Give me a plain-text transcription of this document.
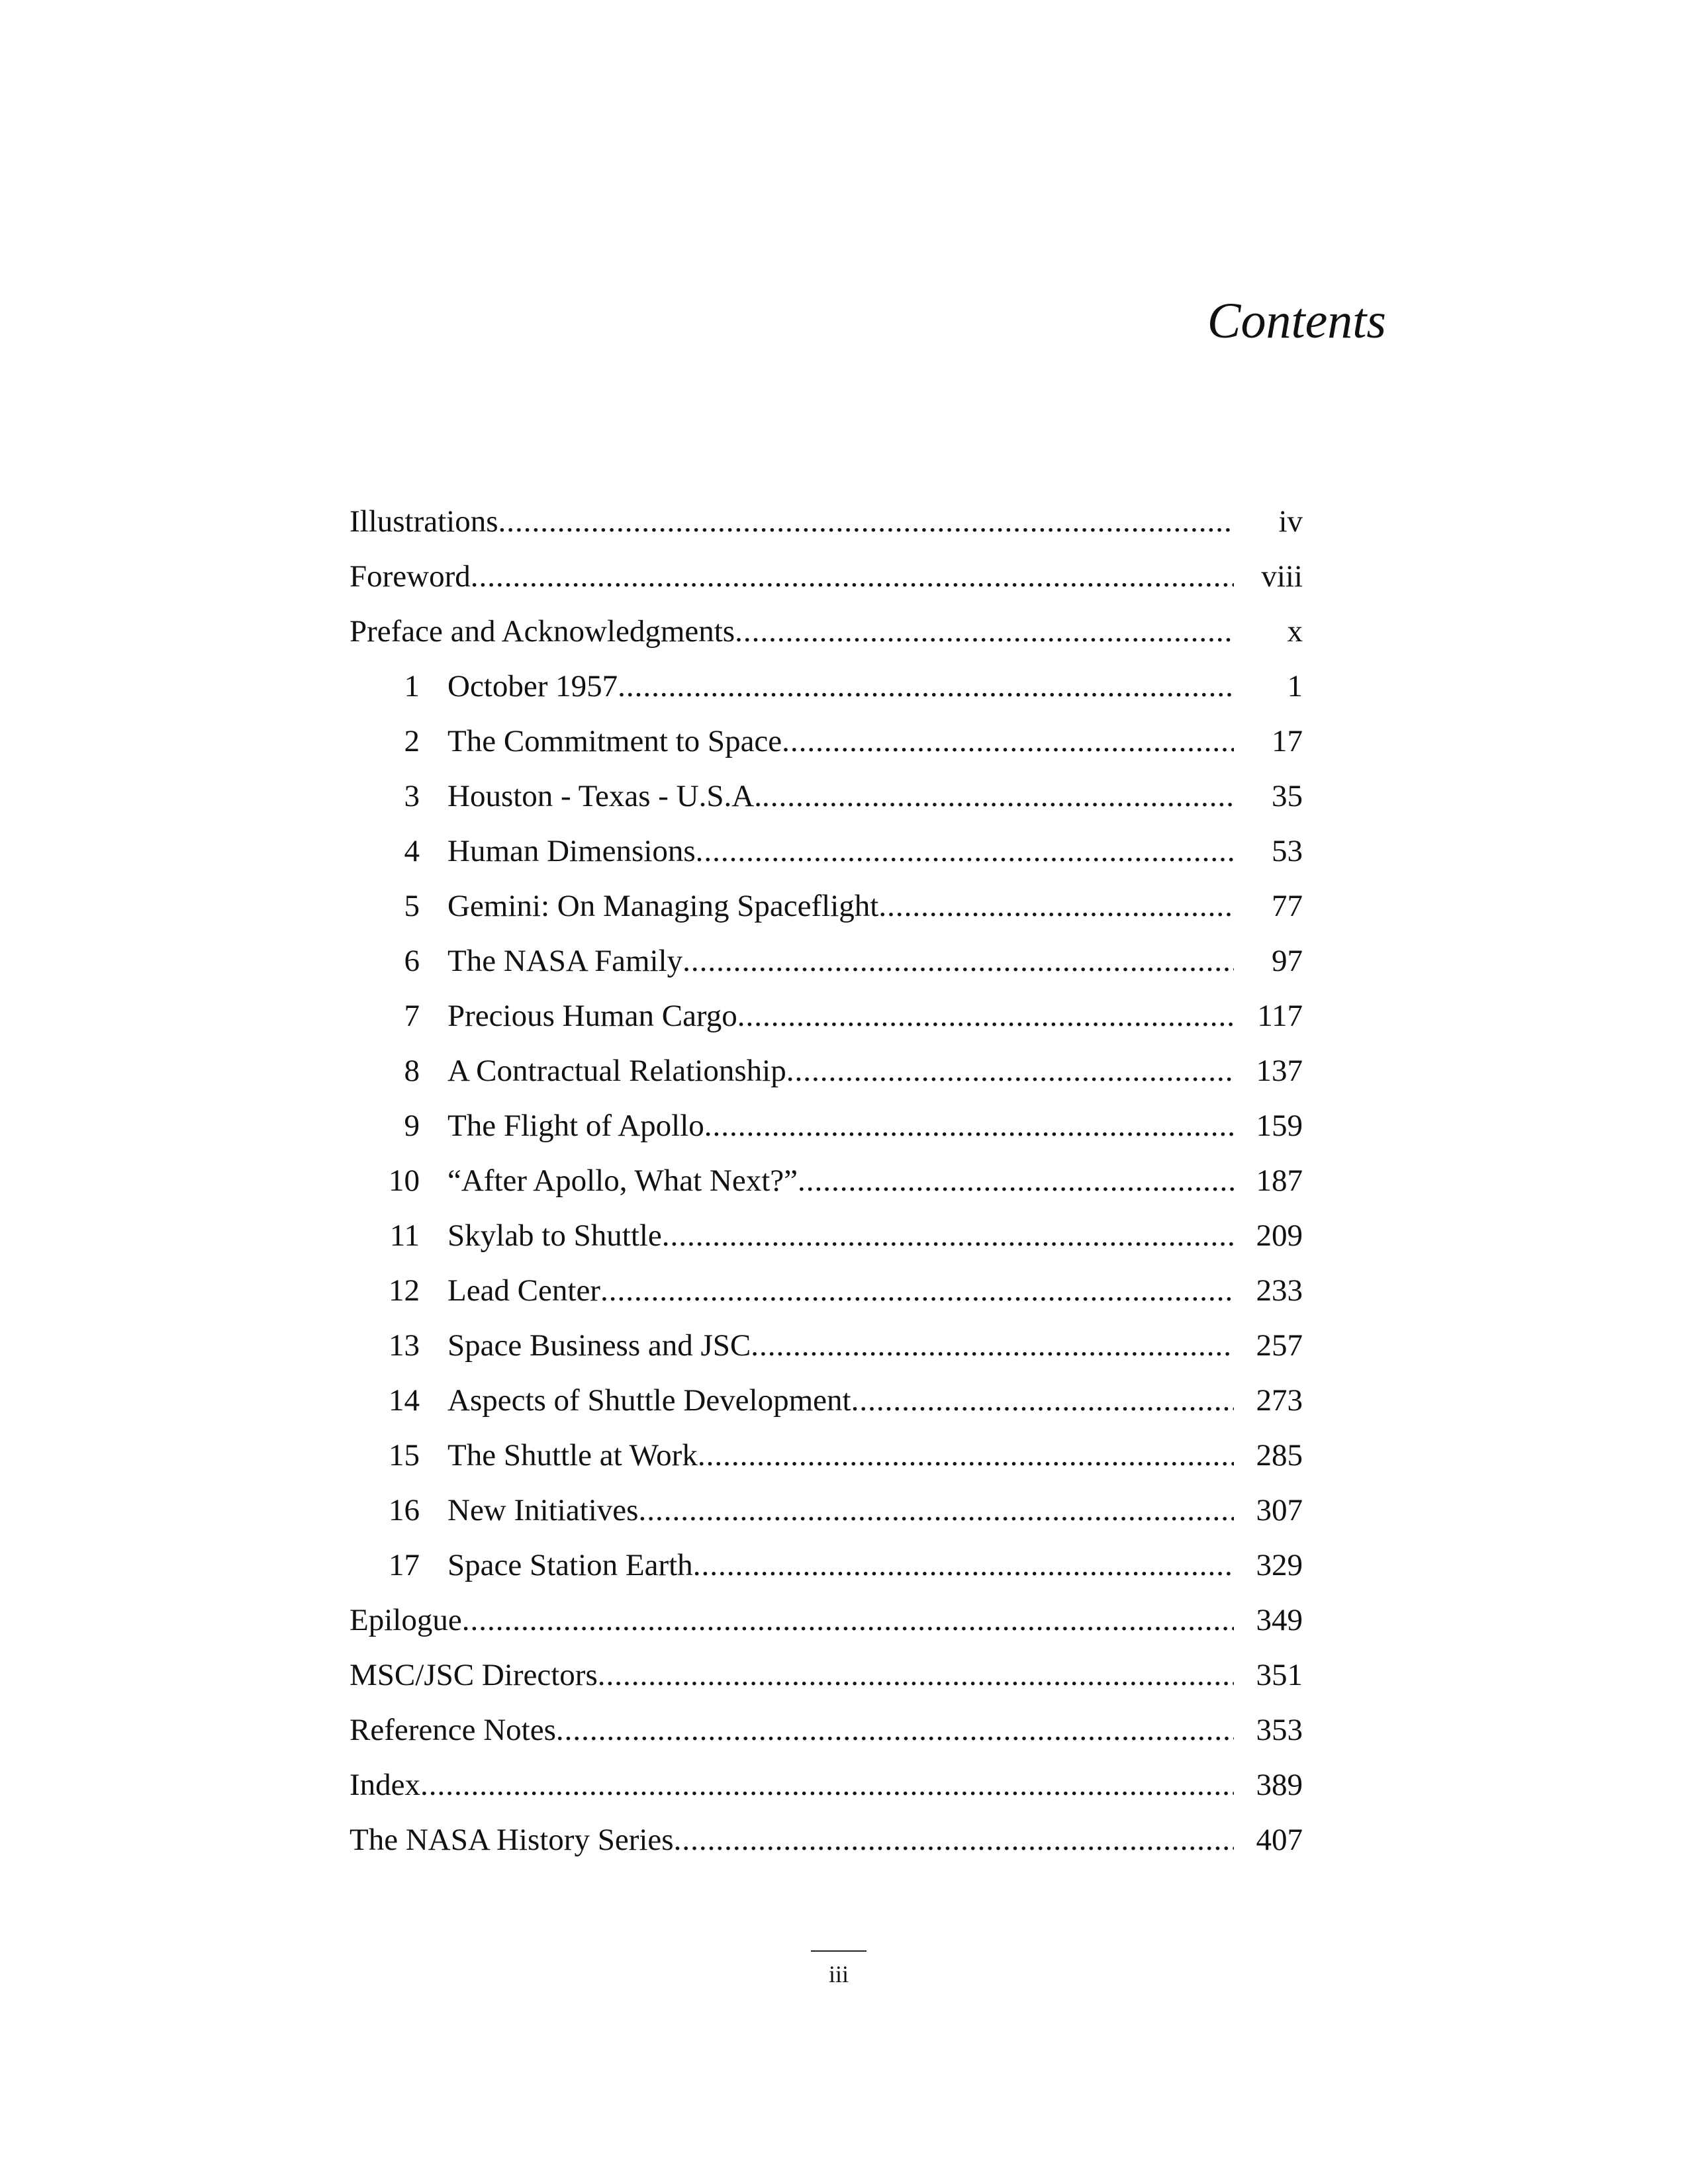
Contents
Illustrations .....	iv
Foreword .....	viii
Preface and Acknowledgments .....	x
1 October 1957 .....	1
2 The Commitment to Space .....	17
3 Houston - Texas - U.S.A. .....	35
4 Human Dimensions .....	53
5 Gemini: On Managing Spaceflight .....	77
6 The NASA Family .....	97
7 Precious Human Cargo .....	117
8 A Contractual Relationship .....	137
9 The Flight of Apollo .....	159
10 “After Apollo, What Next?” .....	187
11 Skylab to Shuttle .....	209
12 Lead Center .....	233
13 Space Business and JSC .....	257
14 Aspects of Shuttle Development .....	273
15 The Shuttle at Work .....	285
16 New Initiatives .....	307
17 Space Station Earth .....	329
Epilogue .....	349
MSC/JSC Directors .....	351
Reference Notes .....	353
Index .....	389
The NASA History Series .....	407
iii
